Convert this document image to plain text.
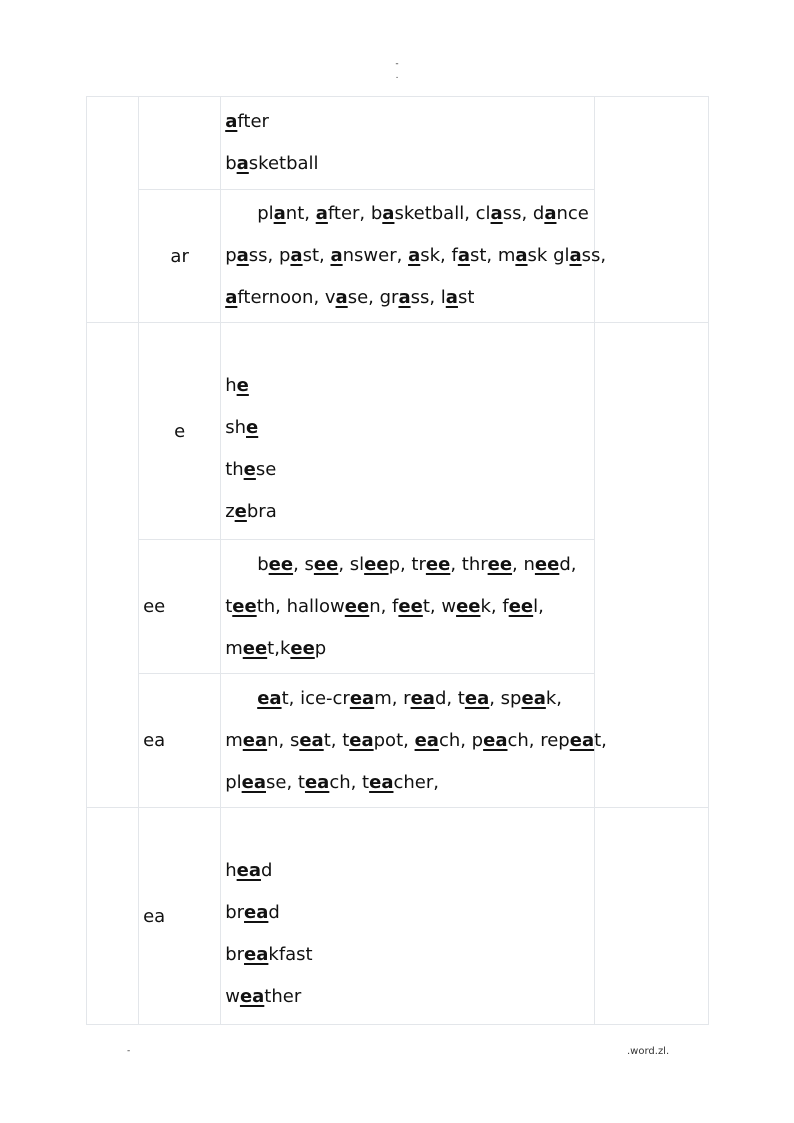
-
.

		after
basketball	

	ar	plant, after, basketball, class, dance
pass, past, answer, ask, fast, mask glass,
afternoon, vase, grass, last	

	e	he
she
these
zebra	

	ee	bee, see, sleep, tree, three, need,
teeth, halloween, feet, week, feel,
meet,keep	

	ea	eat, ice-cream, read, tea, speak,
mean, seat, teapot, each, peach, repeat,
please, teach, teacher,	

	ea	head
bread
breakfast
weather	

-	.word.zl.
